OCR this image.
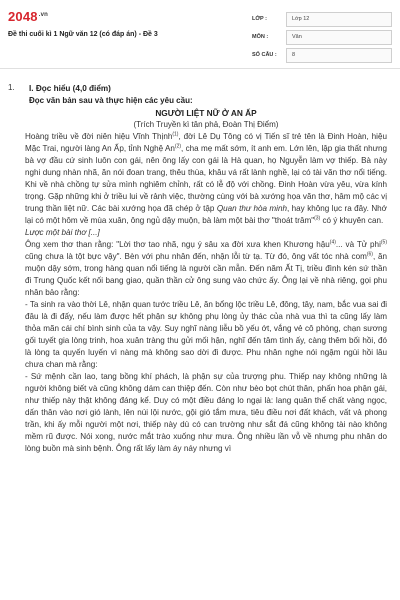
$2048^{.vn}$
Đề thi cuối kì 1 Ngữ văn 12 (có đáp án) - Đề 3
LỚP :	Lớp 12
MÔN :	Văn
SỐ CÂU :	8
1. I. Đọc hiểu (4,0 điểm)
Đọc văn bản sau và thực hiện các yêu cầu:
NGƯỜI LIỆT NỮ Ở AN ẤP
(Trích Truyền kì tân phả, Đoàn Thị Điểm)

Hoàng triều về đời niên hiệu Vĩnh Thịnh$^{(1)}$, đời Lê Dụ Tông có vị Tiến sĩ trẻ tên là Đinh Hoàn, hiệu Mặc Trai, người làng An Ấp, tỉnh Nghệ An$^{(2)}$, cha mẹ mất sớm, ít anh em. Lớn lên, lập gia thất nhưng bà vợ đầu cứ sinh luôn con gái, nên ông lấy con gái là Hà quan, họ Nguyễn làm vợ thiếp. Bà này nghi dung nhàn nhã, ăn nói đoan trang, thêu thùa, khâu vá rất lành nghề, lại có tài văn thơ nổi tiếng. Khi về nhà chồng tự sửa mình nghiêm chỉnh, rất có lễ độ với chồng. Đinh Hoàn vừa yêu, vừa kính trọng. Gặp những khi ở triều lui về rảnh việc, thường cùng với bà xướng họa văn thơ, hâm mộ các vị trung thần liệt nữ. Các bài xướng họa đã chép ở tập Quan thư hòa minh, hay không lục ra đây. Nhớ lại có một hôm về mùa xuân, ông ngủ dậy muộn, bà làm một bài thơ "thoát trâm"$^{(3)}$ có ý khuyên can.

Lược một bài thơ [...]

Ông xem thơ than rằng: "Lời thơ tao nhã, ngụ ý sâu xa đời xưa khen Khương hậu$^{(4)}$... và Tử phi$^{(5)}$ cũng chưa là tột bực vậy". Bèn với phu nhân đến, nhận lỗi từ tạ. Từ đó, ông vất tóc nhà com$^{(6)}$, ăn muộn dậy sớm, trong hàng quan nổi tiếng là người cần mẫn. Đến năm Ất Tị, triều đình kén sứ thần đi Trung Quốc kết nối bang giao, quần thần cử ông sung vào chức ấy. Ông lại về nhà riêng, gọi phu nhân bảo rằng:

- Ta sinh ra vào thời Lê, nhận quan tước triều Lê, ăn bổng lộc triều Lê, đông, tây, nam, bắc vua sai đi đâu là đi đấy, nếu làm được hết phận sự không phụ lòng ủy thác của nhà vua thì ta cũng lấy làm thỏa mãn cái chí bình sinh của ta vậy. Suy nghĩ nàng liễu bồ yếu ớt, vắng vẻ cô phòng, chạn sương gối tuyết gia lòng trinh, hoa xuân tràng thu gửi mối hận, nghĩ đến tâm tình ấy, càng thêm bối hồi, đó là lòng ta quyến luyến vì nàng mà không sao dời đi được. Phu nhân nghe nói ngậm ngùi hồi lâu chưa chan mà rằng:

- Sứ mệnh cần lao, tang bồng khí phách, là phận sự của trượng phu. Thiếp nay không những là người không biết và cũng không dám can thiệp đến. Còn như bèo bọt chút thân, phấn hoa phận gái, như thiếp này thật không đáng kể. Duy có một điều đáng lo ngại là: lang quân thể chất vàng ngọc, dấn thân vào nơi gió lành, lên núi lội nước, gội gió tắm mưa, tiêu điều nơi đất khách, vất vả phong trần, khi ấy mỗi người một nơi, thiếp này dù có can trường như sắt đá cũng không tài nào không mềm rũ được. Nói xong, nước mắt trào xuống như mưa. Ông nhiều lần vỗ về nhưng phu nhân do lòng buồn mà sinh bệnh. Ông rất lấy làm áy náy nhưng vì
